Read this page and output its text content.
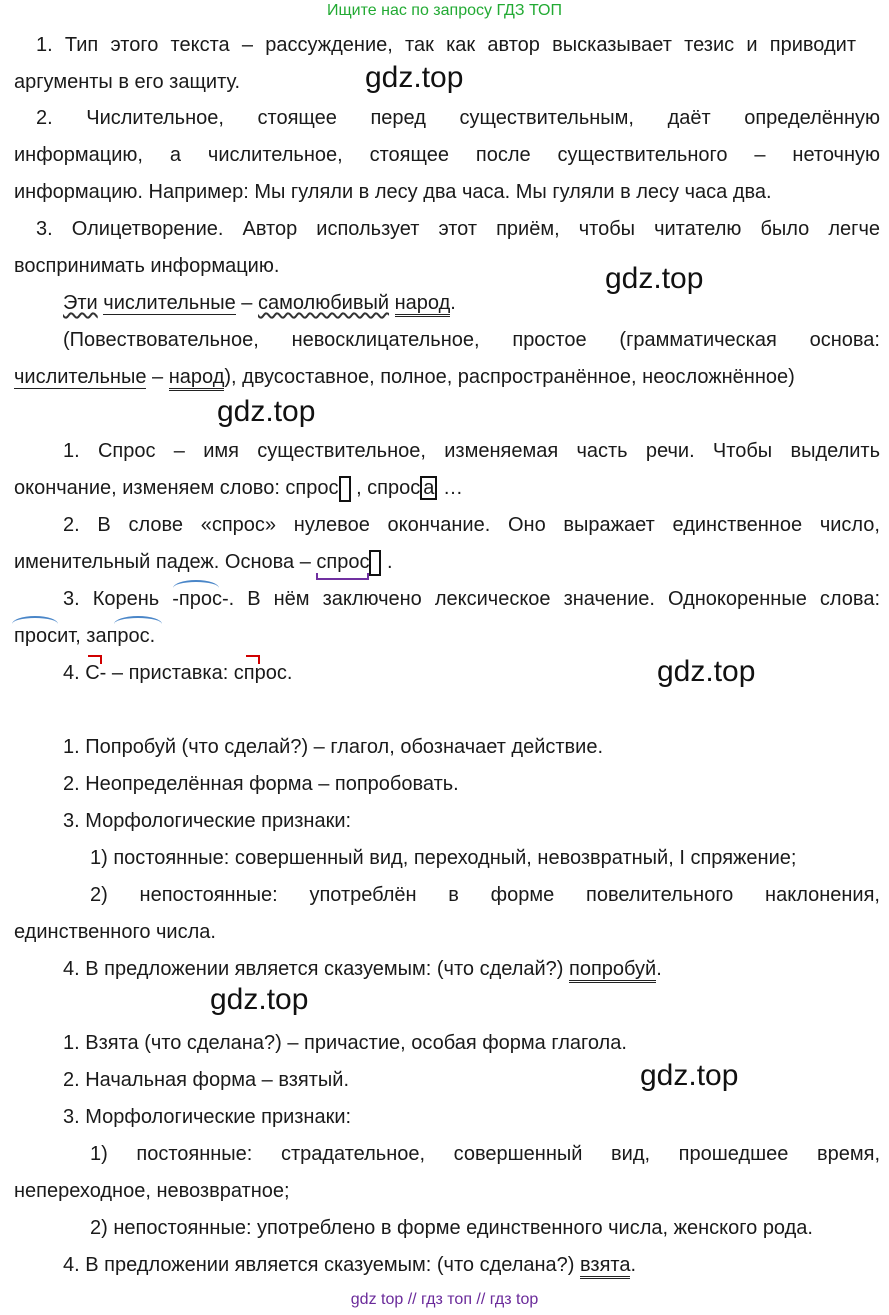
Ищите нас по запросу ГДЗ ТОП
1. Тип этого текста – рассуждение, так как автор высказывает тезис и приводит
аргументы в его защиту.
2. Числительное, стоящее перед существительным, даёт определённую
информацию, а числительное, стоящее после существительного – неточную
информацию. Например: Мы гуляли в лесу два часа. Мы гуляли в лесу часа два.
3. Олицетворение. Автор использует этот приём, чтобы читателю было легче
воспринимать информацию.
Эти числительные – самолюбивый народ.
(Повествовательное, невосклицательное, простое (грамматическая основа:
числительные – народ), двусоставное, полное, распространённое, неосложнённое)
1. Спрос – имя существительное, изменяемая часть речи. Чтобы выделить
окончание, изменяем слово: спрос , спрос а …
2. В слове «спрос» нулевое окончание. Оно выражает единственное число,
именительный падеж. Основа – спрос
.
3. Корень -прос-. В нём заключено лексическое значение. Однокоренные слова:
просит, запрос.
4. С- – приставка: спрос.
1. Попробуй (что сделай?) – глагол, обозначает действие.
2. Неопределённая форма – попробовать.
3. Морфологические признаки:
1) постоянные: совершенный вид, переходный, невозвратный, I спряжение;
2) непостоянные: употреблён в форме повелительного наклонения,
единственного числа.
4. В предложении является сказуемым: (что сделай?) попробуй.
1. Взята (что сделана?) – причастие, особая форма глагола.
2. Начальная форма – взятый.
3. Морфологические признаки:
1) постоянные: страдательное, совершенный вид, прошедшее время,
непереходное, невозвратное;
2) непостоянные: употреблено в форме единственного числа, женского рода.
4. В предложении является сказуемым: (что сделана?) взята.
gdz.top
gdz.top
gdz.top
gdz.top
gdz.top
gdz.top
gdz top // гдз топ // гдз top
